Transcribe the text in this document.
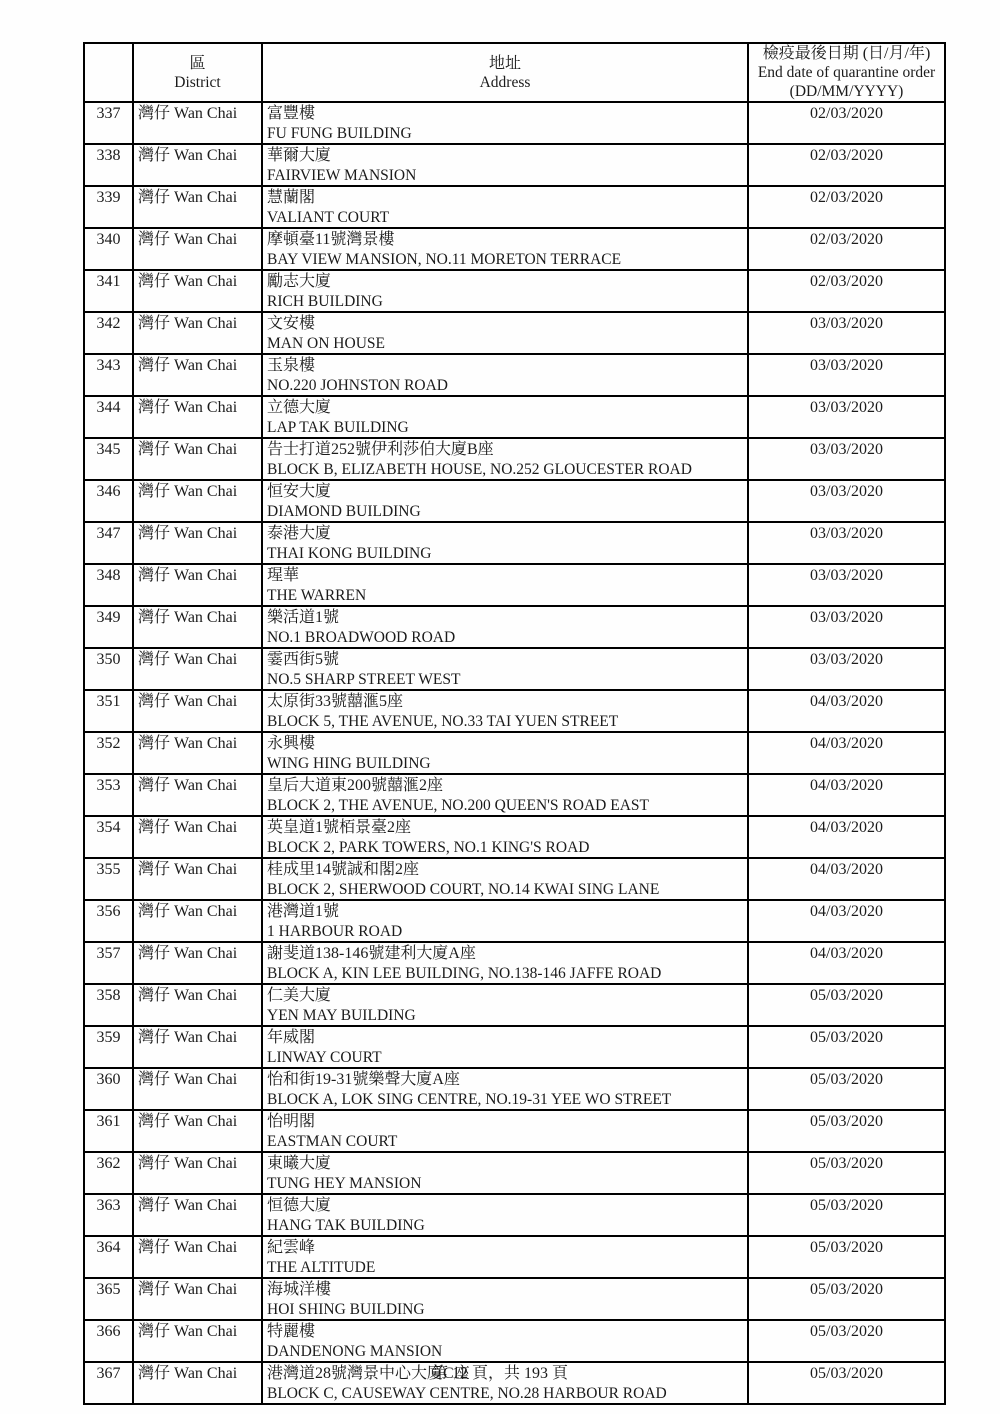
區
District

地址
Address

檢疫最後日期 (日/月/年)
End date of quarantine order
(DD/MM/YYYY)

337	灣仔 Wan Chai	富豐樓
FU FUNG BUILDING	02/03/2020
338	灣仔 Wan Chai	華爾大廈
FAIRVIEW MANSION	02/03/2020
339	灣仔 Wan Chai	慧蘭閣
VALIANT COURT	02/03/2020
340	灣仔 Wan Chai	摩頓臺11號灣景樓
BAY VIEW MANSION, NO.11 MORETON TERRACE	02/03/2020
341	灣仔 Wan Chai	勵志大廈
RICH BUILDING	02/03/2020
342	灣仔 Wan Chai	文安樓
MAN ON HOUSE	03/03/2020
343	灣仔 Wan Chai	玉泉樓
NO.220 JOHNSTON ROAD	03/03/2020
344	灣仔 Wan Chai	立德大廈
LAP TAK BUILDING	03/03/2020
345	灣仔 Wan Chai	告士打道252號伊利莎伯大廈B座
BLOCK B, ELIZABETH HOUSE, NO.252 GLOUCESTER ROAD	03/03/2020
346	灣仔 Wan Chai	恒安大廈
DIAMOND BUILDING	03/03/2020
347	灣仔 Wan Chai	泰港大廈
THAI KONG BUILDING	03/03/2020
348	灣仔 Wan Chai	瑆華
THE WARREN	03/03/2020
349	灣仔 Wan Chai	樂活道1號
NO.1 BROADWOOD ROAD	03/03/2020
350	灣仔 Wan Chai	霎西街5號
NO.5 SHARP STREET WEST	03/03/2020
351	灣仔 Wan Chai	太原街33號囍滙5座
BLOCK 5, THE AVENUE, NO.33 TAI YUEN STREET	04/03/2020
352	灣仔 Wan Chai	永興樓
WING HING BUILDING	04/03/2020
353	灣仔 Wan Chai	皇后大道東200號囍滙2座
BLOCK 2, THE AVENUE, NO.200 QUEEN'S ROAD EAST	04/03/2020
354	灣仔 Wan Chai	英皇道1號栢景臺2座
BLOCK 2, PARK TOWERS, NO.1 KING'S ROAD	04/03/2020
355	灣仔 Wan Chai	桂成里14號誠和閣2座
BLOCK 2, SHERWOOD COURT, NO.14 KWAI SING LANE	04/03/2020
356	灣仔 Wan Chai	港灣道1號
1 HARBOUR ROAD	04/03/2020
357	灣仔 Wan Chai	謝斐道138-146號建利大廈A座
BLOCK A, KIN LEE BUILDING, NO.138-146 JAFFE ROAD	04/03/2020
358	灣仔 Wan Chai	仁美大廈
YEN MAY BUILDING	05/03/2020
359	灣仔 Wan Chai	年威閣
LINWAY COURT	05/03/2020
360	灣仔 Wan Chai	怡和街19-31號樂聲大廈A座
BLOCK A, LOK SING CENTRE, NO.19-31 YEE WO STREET	05/03/2020
361	灣仔 Wan Chai	怡明閣
EASTMAN COURT	05/03/2020
362	灣仔 Wan Chai	東曦大廈
TUNG HEY MANSION	05/03/2020
363	灣仔 Wan Chai	恒德大廈
HANG TAK BUILDING	05/03/2020
364	灣仔 Wan Chai	紀雲峰
THE ALTITUDE	05/03/2020
365	灣仔 Wan Chai	海城洋樓
HOI SHING BUILDING	05/03/2020
366	灣仔 Wan Chai	特麗樓
DANDENONG MANSION	05/03/2020
367	灣仔 Wan Chai	港灣道28號灣景中心大廈C座
BLOCK C, CAUSEWAY CENTRE, NO.28 HARBOUR ROAD	05/03/2020
第 12 頁，共 193 頁
